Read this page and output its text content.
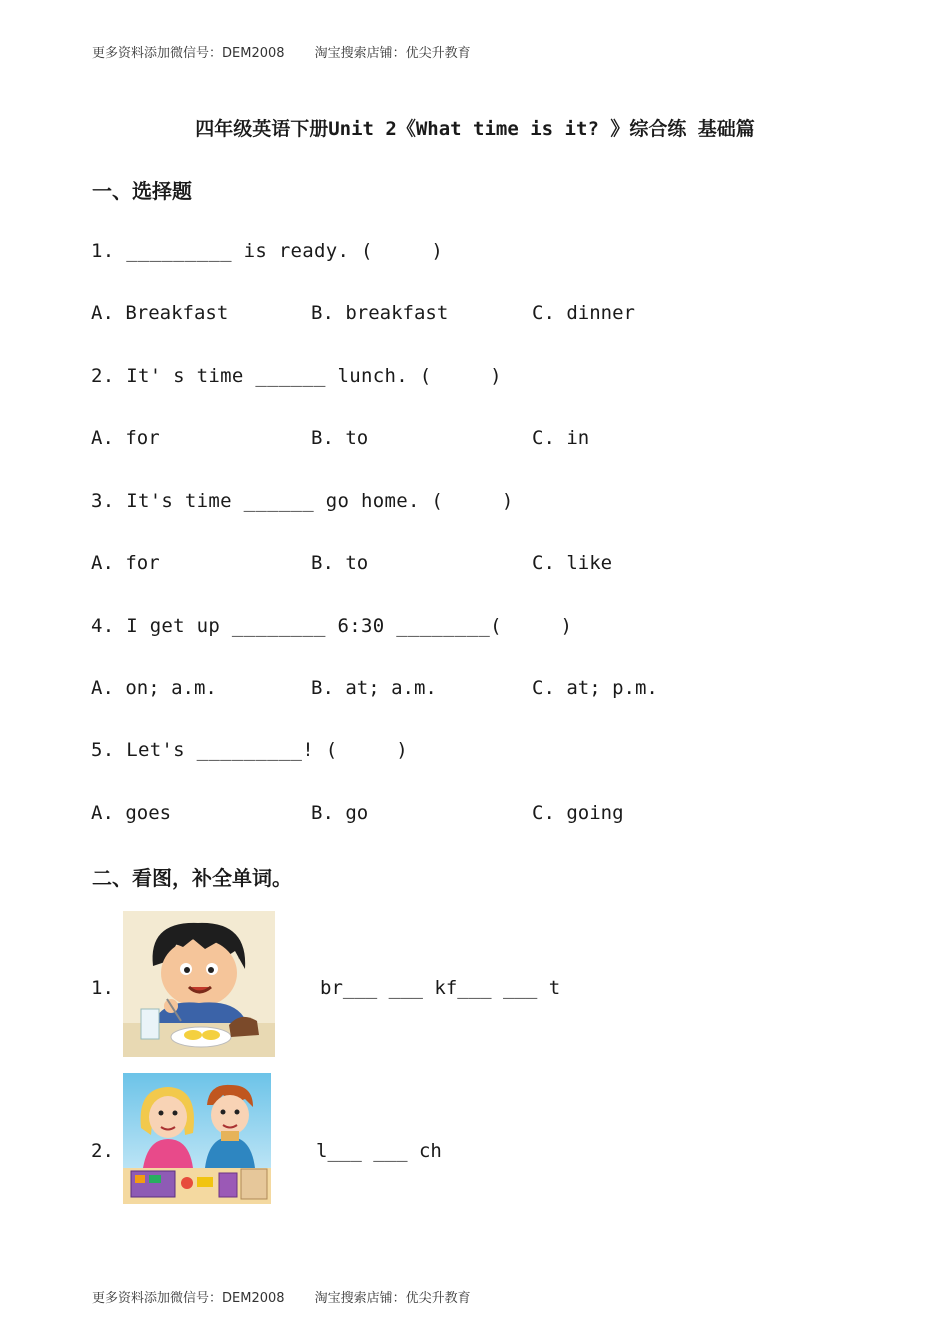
更多资料添加微信号：DEM2008 淘宝搜索店铺：优尖升教育
四年级英语下册Unit 2《What time is it? 》综合练 基础篇
一、选择题
1. _________ is ready. (     )
A. Breakfast	B. breakfast	C. dinner
2. It' s time ______ lunch. (     )
A. for	B. to	C. in
3. It's time ______ go home. (     )
A. for	B. to	C. like
4. I get up ________ 6:30 ________(     )
A. on; a.m.	B. at; a.m.	C. at; p.m.
5. Let's _________! (     )
A. goes	B. go	C. going
二、看图，补全单词。
1.	br___ ___ kf___ ___ t
2.	l___ ___ ch
更多资料添加微信号：DEM2008 淘宝搜索店铺：优尖升教育
